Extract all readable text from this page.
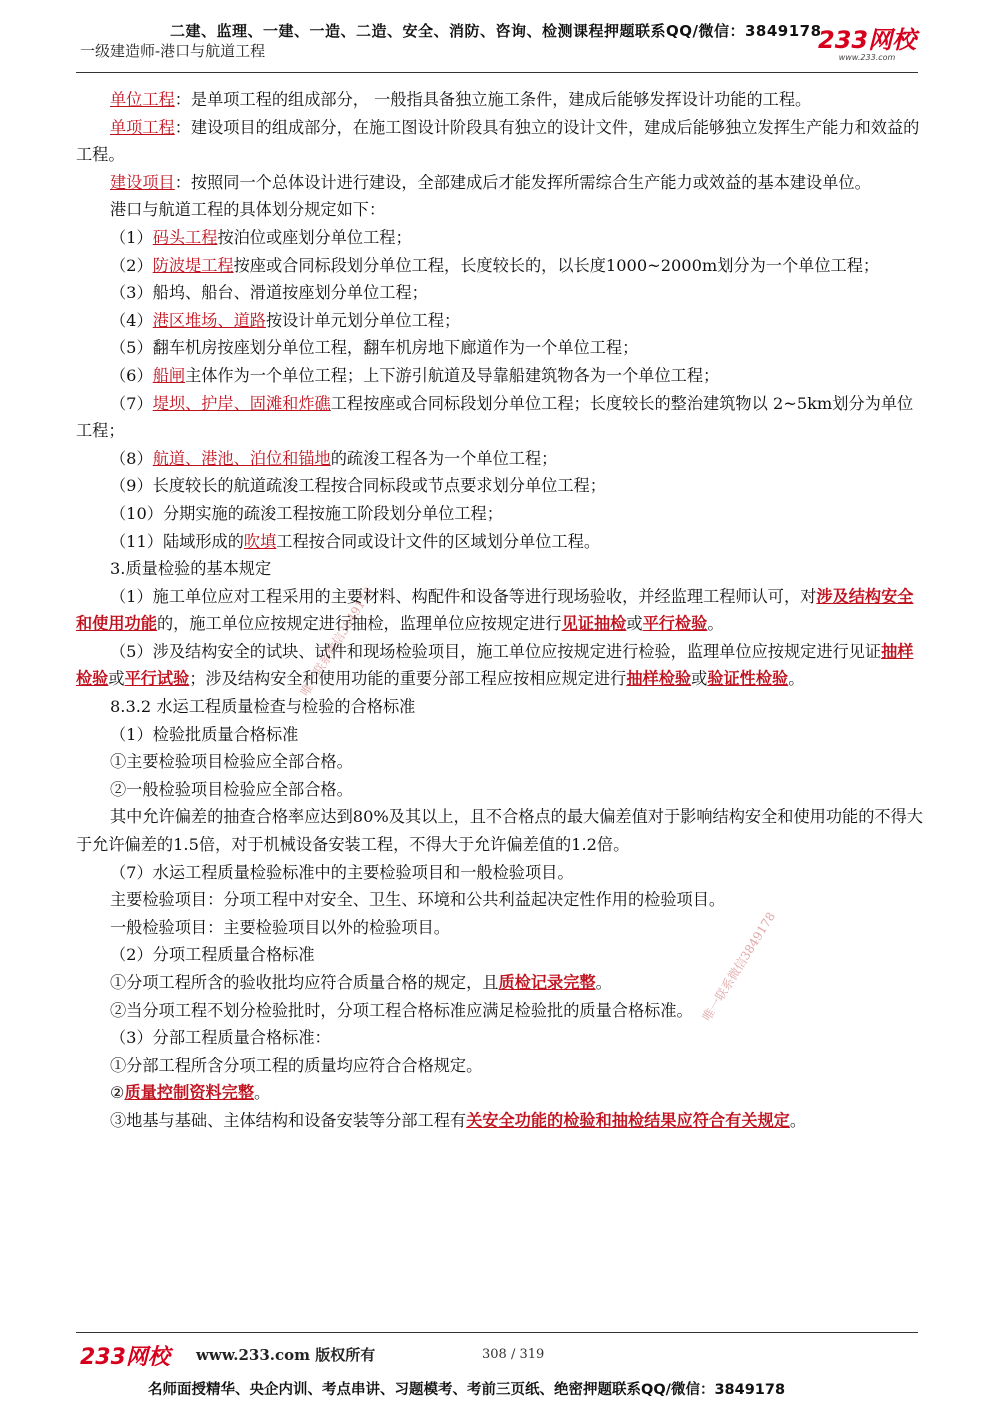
二建、监理、一建、一造、二造、安全、消防、咨询、检测课程押题联系QQ/微信：3849178
一级建造师-港口与航道工程	233网校
www.233.com
唯一联系微信3849178
唯一联系微信3849178

单位工程：是单项工程的组成部分， 一般指具备独立施工条件，建成后能够发挥设计功能的工程。

单项工程：建设项目的组成部分，在施工图设计阶段具有独立的设计文件，建成后能够独立发挥生产能力和效益的工程。

建设项目：按照同一个总体设计进行建设，全部建成后才能发挥所需综合生产能力或效益的基本建设单位。

港口与航道工程的具体划分规定如下：

（1）码头工程按泊位或座划分单位工程；

（2）防波堤工程按座或合同标段划分单位工程，长度较长的，以长度1000~2000m划分为一个单位工程；

（3）船坞、船台、滑道按座划分单位工程；

（4）港区堆场、道路按设计单元划分单位工程；

（5）翻车机房按座划分单位工程，翻车机房地下廊道作为一个单位工程；

（6）船闸主体作为一个单位工程；上下游引航道及导靠船建筑物各为一个单位工程；

（7）堤坝、护岸、固滩和炸礁工程按座或合同标段划分单位工程；长度较长的整治建筑物以 2~5km划分为单位工程；

（8）航道、港池、泊位和锚地的疏浚工程各为一个单位工程；

（9）长度较长的航道疏浚工程按合同标段或节点要求划分单位工程；

（10）分期实施的疏浚工程按施工阶段划分单位工程；

（11）陆域形成的吹填工程按合同或设计文件的区域划分单位工程。

3.质量检验的基本规定

（1）施工单位应对工程采用的主要材料、构配件和设备等进行现场验收，并经监理工程师认可，对涉及结构安全和使用功能的，施工单位应按规定进行抽检，监理单位应按规定进行见证抽检或平行检验。

（5）涉及结构安全的试块、试件和现场检验项目，施工单位应按规定进行检验，监理单位应按规定进行见证抽样检验或平行试验；涉及结构安全和使用功能的重要分部工程应按相应规定进行抽样检验或验证性检验。

8.3.2 水运工程质量检查与检验的合格标准

（1）检验批质量合格标准

①主要检验项目检验应全部合格。

②一般检验项目检验应全部合格。

其中允许偏差的抽查合格率应达到80%及其以上，且不合格点的最大偏差值对于影响结构安全和使用功能的不得大于允许偏差的1.5倍，对于机械设备安装工程，不得大于允许偏差值的1.2倍。

（7）水运工程质量检验标准中的主要检验项目和一般检验项目。

主要检验项目：分项工程中对安全、卫生、环境和公共利益起决定性作用的检验项目。

一般检验项目：主要检验项目以外的检验项目。

（2）分项工程质量合格标准

①分项工程所含的验收批均应符合质量合格的规定，且质检记录完整。

②当分项工程不划分检验批时，分项工程合格标准应满足检验批的质量合格标准。

（3）分部工程质量合格标准：

①分部工程所含分项工程的质量均应符合合格规定。

②质量控制资料完整。

③地基与基础、主体结构和设备安装等分部工程有关安全功能的检验和抽检结果应符合有关规定。

233网校 www.233.com 版权所有	308 / 319
名师面授精华、央企内训、考点串讲、习题模考、考前三页纸、绝密押题联系QQ/微信：3849178
